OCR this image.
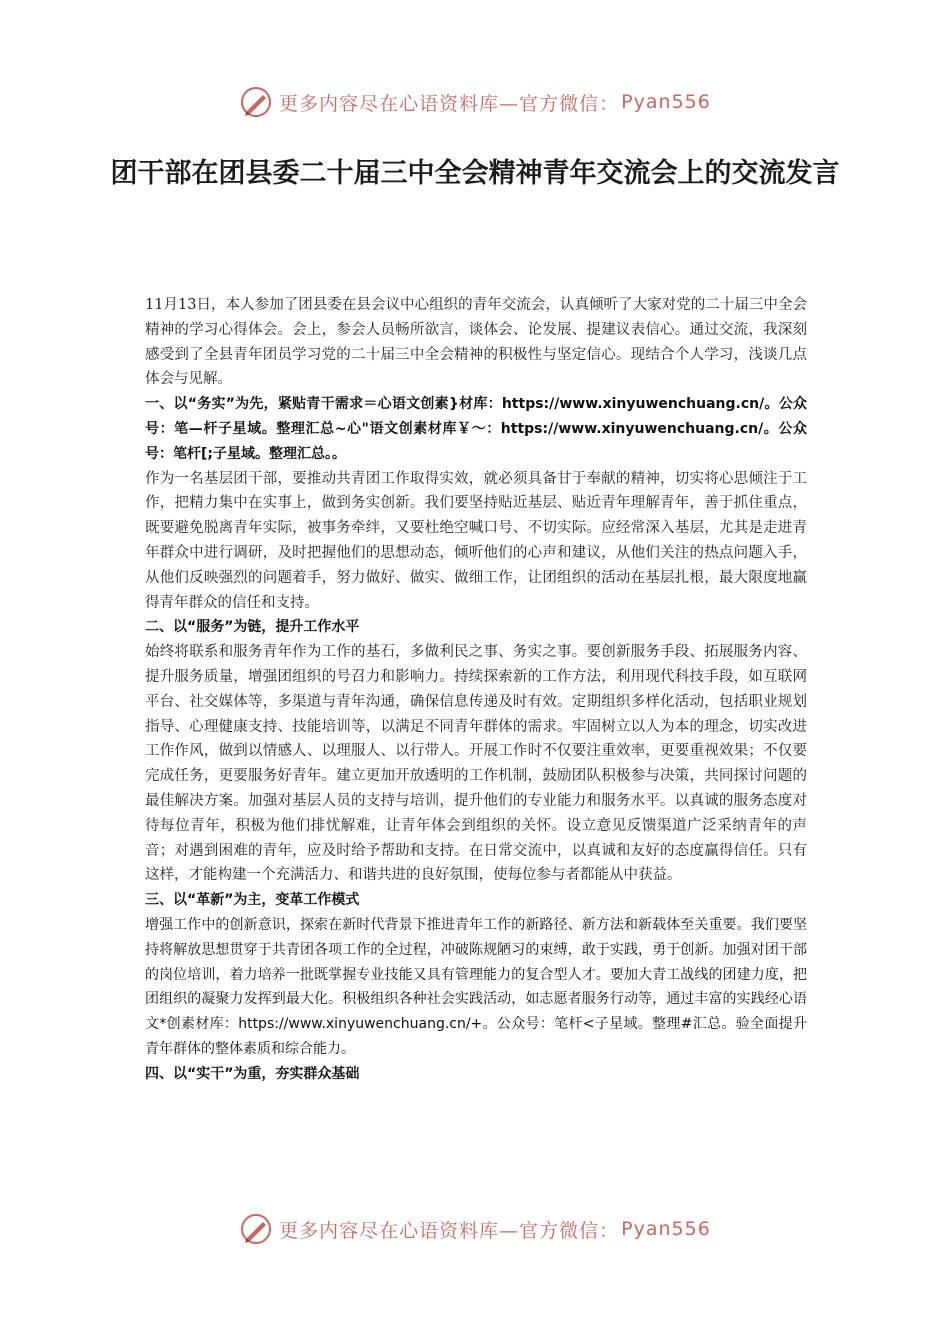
更多内容尽在心语资料库—官方微信： Pyan556
团干部在团县委二十届三中全会精神青年交流会上的交流发言

11月13日，本人参加了团县委在县会议中心组织的青年交流会，认真倾听了大家对党的二十届三中全会精神的学习心得体会。会上，参会人员畅所欲言，谈体会、论发展、提建议表信心。通过交流，我深刻感受到了全县青年团员学习党的二十届三中全会精神的积极性与坚定信心。现结合个人学习，浅谈几点体会与见解。

一、以“务实”为先，紧贴青干需求＝心语文创素}材库：https://www.xinyuwenchuang.cn/。公众号：笔—杆子星域。整理汇总~心"语文创素材库￥～：https://www.xinyuwenchuang.cn/。公众号：笔杆[;子星域。整理汇总。。

作为一名基层团干部，要推动共青团工作取得实效，就必须具备甘于奉献的精神，切实将心思倾注于工作，把精力集中在实事上，做到务实创新。我们要坚持贴近基层、贴近青年理解青年，善于抓住重点，既要避免脱离青年实际，被事务牵绊，又要杜绝空喊口号、不切实际。应经常深入基层，尤其是走进青年群众中进行调研，及时把握他们的思想动态，倾听他们的心声和建议，从他们关注的热点问题入手，从他们反映强烈的问题着手，努力做好、做实、做细工作，让团组织的活动在基层扎根，最大限度地赢得青年群众的信任和支持。

二、以“服务”为链，提升工作水平

始终将联系和服务青年作为工作的基石，多做利民之事、务实之事。要创新服务手段、拓展服务内容、提升服务质量，增强团组织的号召力和影响力。持续探索新的工作方法，利用现代科技手段，如互联网平台、社交媒体等，多渠道与青年沟通，确保信息传递及时有效。定期组织多样化活动，包括职业规划指导、心理健康支持、技能培训等，以满足不同青年群体的需求。牢固树立以人为本的理念，切实改进工作作风，做到以情感人、以理服人、以行带人。开展工作时不仅要注重效率，更要重视效果；不仅要完成任务，更要服务好青年。建立更加开放透明的工作机制，鼓励团队积极参与决策，共同探讨问题的最佳解决方案。加强对基层人员的支持与培训，提升他们的专业能力和服务水平。以真诚的服务态度对待每位青年，积极为他们排忧解难，让青年体会到组织的关怀。设立意见反馈渠道广泛采纳青年的声音；对遇到困难的青年，应及时给予帮助和支持。在日常交流中，以真诚和友好的态度赢得信任。只有这样，才能构建一个充满活力、和谐共进的良好氛围，使每位参与者都能从中获益。

三、以“革新”为主，变革工作模式

增强工作中的创新意识，探索在新时代背景下推进青年工作的新路径、新方法和新载体至关重要。我们要坚持将解放思想贯穿于共青团各项工作的全过程，冲破陈规陋习的束缚，敢于实践，勇于创新。加强对团干部的岗位培训，着力培养一批既掌握专业技能又具有管理能力的复合型人才。要加大青工战线的团建力度，把团组织的凝聚力发挥到最大化。积极组织各种社会实践活动，如志愿者服务行动等，通过丰富的实践经心语文*创素材库：https://www.xinyuwenchuang.cn/+。公众号：笔杆<子星域。整理#汇总。验全面提升青年群体的整体素质和综合能力。

四、以“实干”为重，夯实群众基础

更多内容尽在心语资料库—官方微信： Pyan556
